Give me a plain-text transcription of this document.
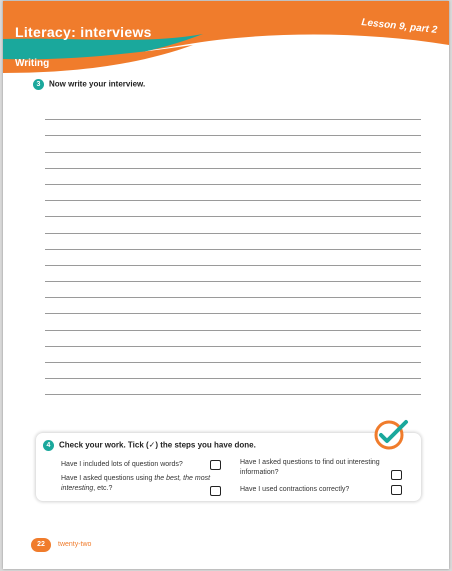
Literacy: interviews	Lesson 9, part 2

Writing

3 Now write your interview.
4 Check your work. Tick (✓) the steps you have done.

Have I included lots of question words?

Have I asked questions using the best, the most interesting, etc.?

Have I asked questions to find out interesting information?

Have I used contractions correctly?

22	twenty-two
